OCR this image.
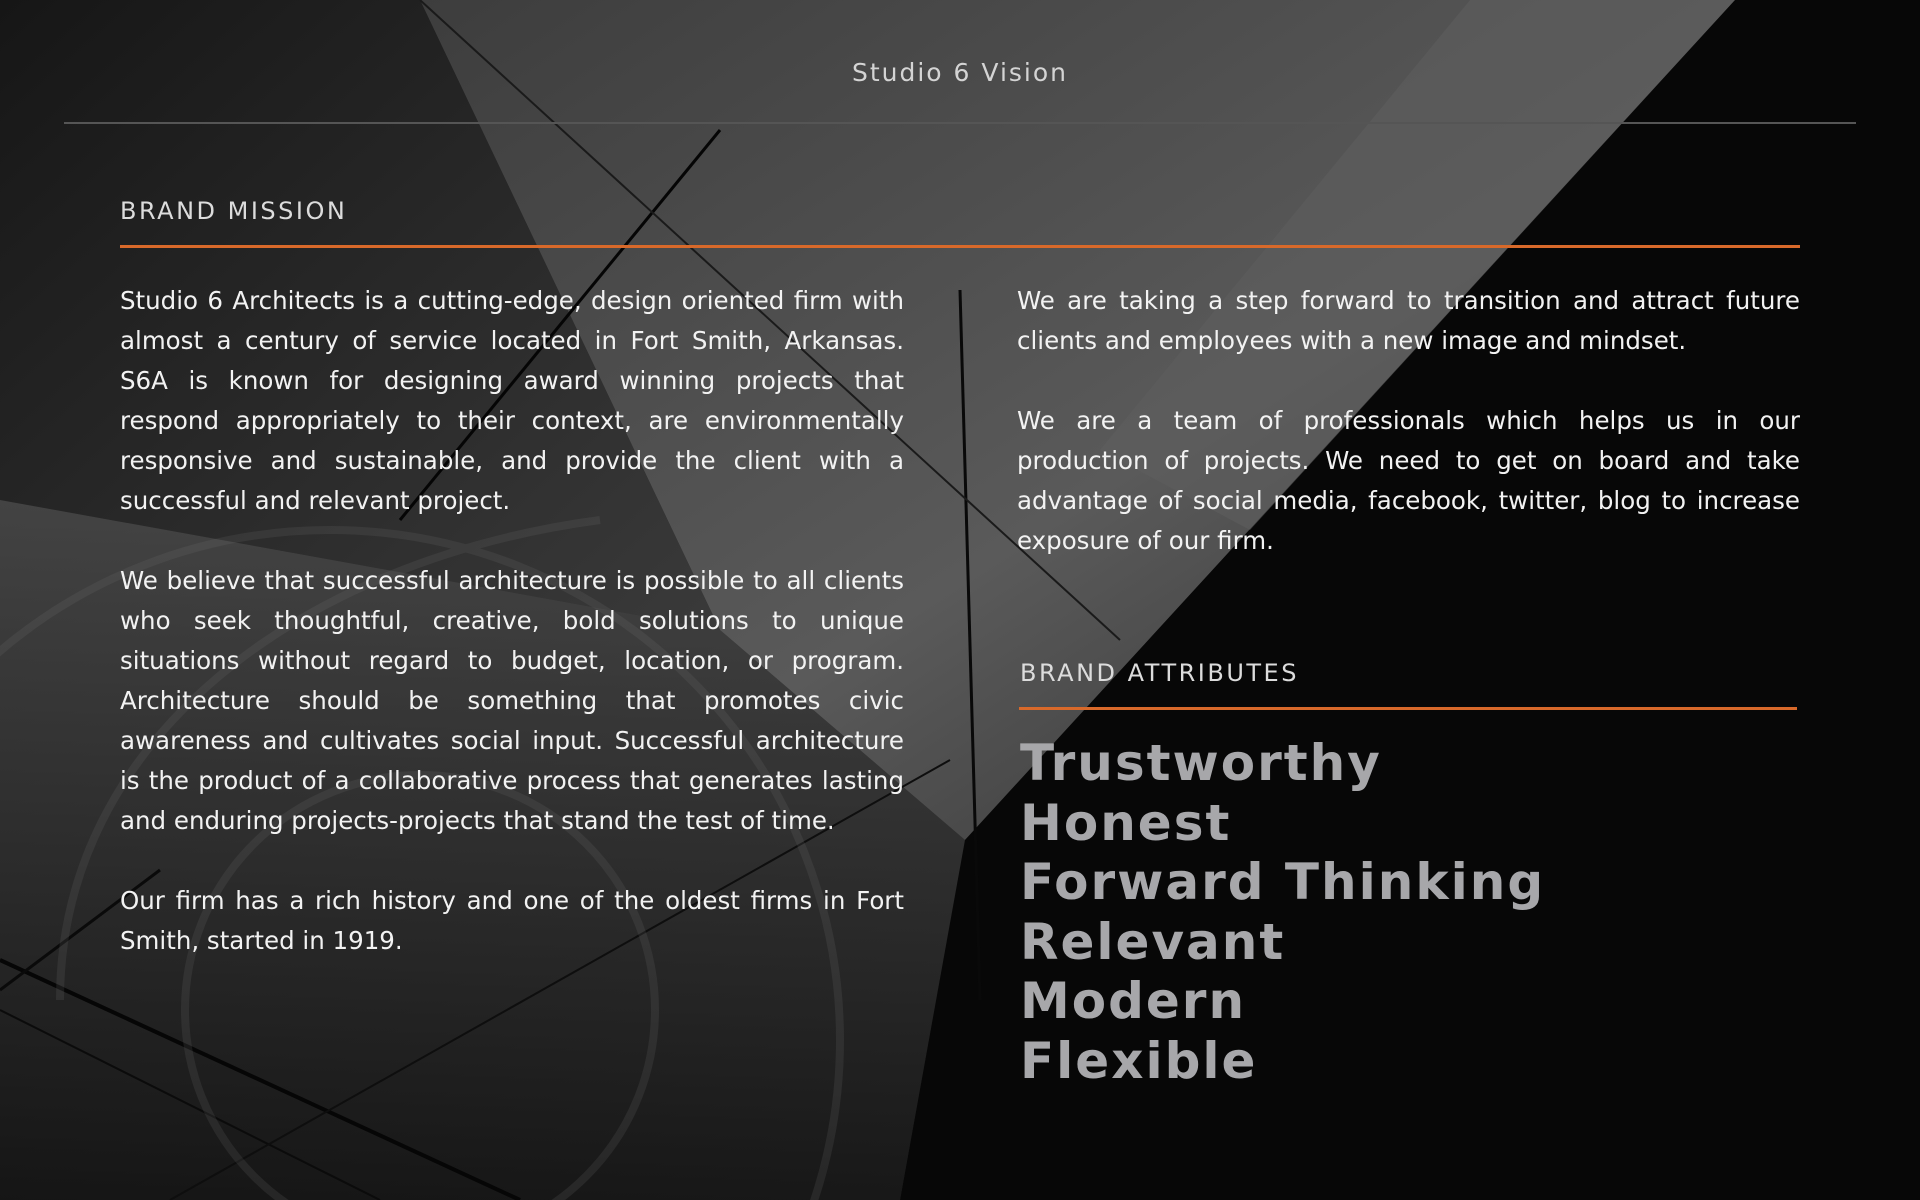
Studio 6 Vision
BRAND MISSION

Studio 6 Architects is a cutting-edge, design oriented firm with almost a century of service located in Fort Smith, Arkansas. S6A is known for designing award winning projects that respond appropriately to their context, are environmentally responsive and sustainable, and provide the client with a successful and relevant project.

We believe that successful architecture is possible to all clients who seek thoughtful, creative, bold solutions to unique situations without regard to budget, location, or program. Architecture should be something that promotes civic awareness and cultivates social input. Successful architecture is the product of a collaborative process that generates lasting and enduring projects-projects that stand the test of time.

Our firm has a rich history and one of the oldest firms in Fort Smith, started in 1919.

We are taking a step forward to transition and attract future clients and employees with a new image and mindset.

We are a team of professionals which helps us in our production of projects. We need to get on board and take advantage of social media, facebook, twitter, blog to increase exposure of our firm.

BRAND ATTRIBUTES
Trustworthy
Honest
Forward Thinking
Relevant
Modern
Flexible
